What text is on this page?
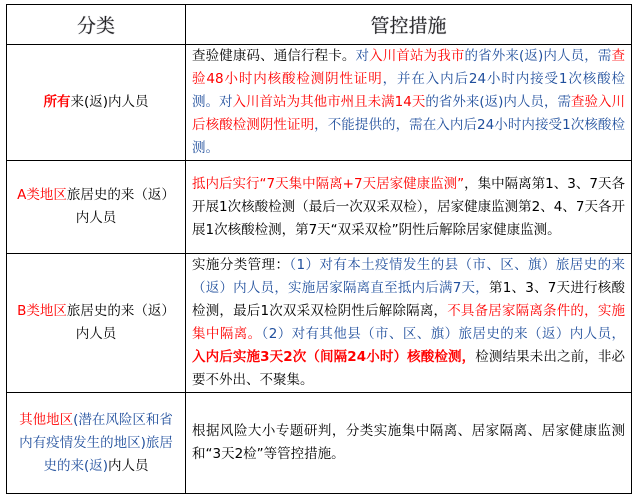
分类	管控措施
所有来(返)内人员	查验健康码、通信行程卡。对入川首站为我市的省外来(返)内人员，需查验48小时内核酸检测阴性证明，并在入内后24小时内接受1次核酸检测。对入川首站为其他市州且未满14天的省外来(返)内人员，需查验入川后核酸检测阴性证明，不能提供的，需在入内后24小时内接受1次核酸检测。
A类地区旅居史的来（返）内人员	抵内后实行“7天集中隔离+7天居家健康监测”，集中隔离第1、3、7天各开展1次核酸检测（最后一次双采双检），居家健康监测第2、4、7天各开展1次核酸检测，第7天“双采双检”阴性后解除居家健康监测。
B类地区旅居史的来（返）内人员	实施分类管理：（1）对有本土疫情发生的县（市、区、旗）旅居史的来（返）内人员，实施居家隔离直至抵内后满7天，第1、3、7天进行核酸检测，最后1次双采双检阴性后解除隔离，不具备居家隔离条件的，实施集中隔离。（2）对有其他县（市、区、旗）旅居史的来（返）内人员，入内后实施3天2次（间隔24小时）核酸检测，检测结果未出之前，非必要不外出、不聚集。
其他地区(潜在风险区和省内有疫情发生的地区)旅居史的来(返)内人员	根据风险大小专题研判，分类实施集中隔离、居家隔离、居家健康监测和“3天2检”等管控措施。
